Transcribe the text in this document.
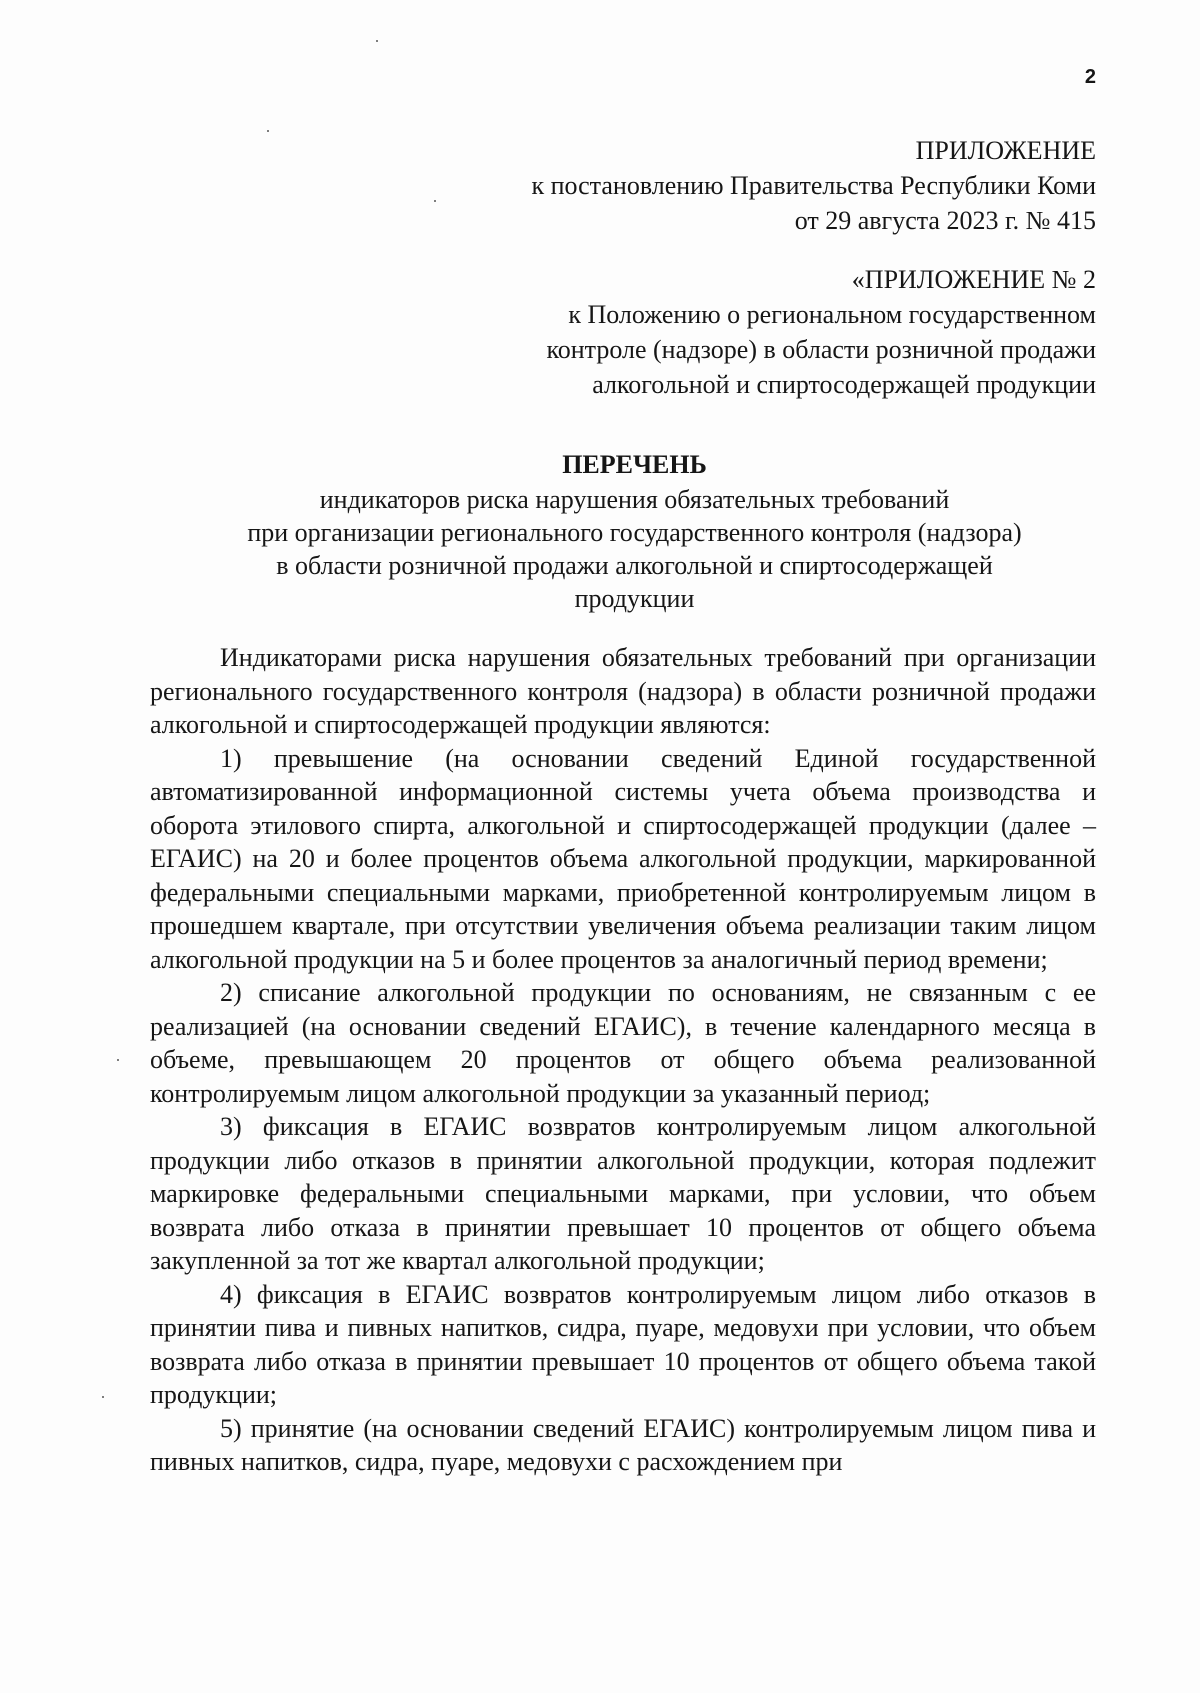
2
ПРИЛОЖЕНИЕ
к постановлению Правительства Республики Коми
от 29 августа 2023 г. № 415
«ПРИЛОЖЕНИЕ № 2
к Положению о региональном государственном
контроле (надзоре) в области розничной продажи
алкогольной и спиртосодержащей продукции
ПЕРЕЧЕНЬ
индикаторов риска нарушения обязательных требований
при организации регионального государственного контроля (надзора)
в области розничной продажи алкогольной и спиртосодержащей
продукции

Индикаторами риска нарушения обязательных требований при организации регионального государственного контроля (надзора) в области розничной продажи алкогольной и спиртосодержащей продукции являются:

1) превышение (на основании сведений Единой государственной автоматизированной информационной системы учета объема производства и оборота этилового спирта, алкогольной и спиртосодержащей продукции (далее – ЕГАИС) на 20 и более процентов объема алкогольной продукции, маркированной федеральными специальными марками, приобретенной контролируемым лицом в прошедшем квартале, при отсутствии увеличения объема реализации таким лицом алкогольной продукции на 5 и более процентов за аналогичный период времени;

2) списание алкогольной продукции по основаниям, не связанным с ее реализацией (на основании сведений ЕГАИС), в течение календарного месяца в объеме, превышающем 20 процентов от общего объема реализованной контролируемым лицом алкогольной продукции за указанный период;

3) фиксация в ЕГАИС возвратов контролируемым лицом алкогольной продукции либо отказов в принятии алкогольной продукции, которая подлежит маркировке федеральными специальными марками, при условии, что объем возврата либо отказа в принятии превышает 10 процентов от общего объема закупленной за тот же квартал алкогольной продукции;

4) фиксация в ЕГАИС возвратов контролируемым лицом либо отказов в принятии пива и пивных напитков, сидра, пуаре, медовухи при условии, что объем возврата либо отказа в принятии превышает 10 процентов от общего объема такой продукции;

5) принятие (на основании сведений ЕГАИС) контролируемым лицом пива и пивных напитков, сидра, пуаре, медовухи с расхождением при
